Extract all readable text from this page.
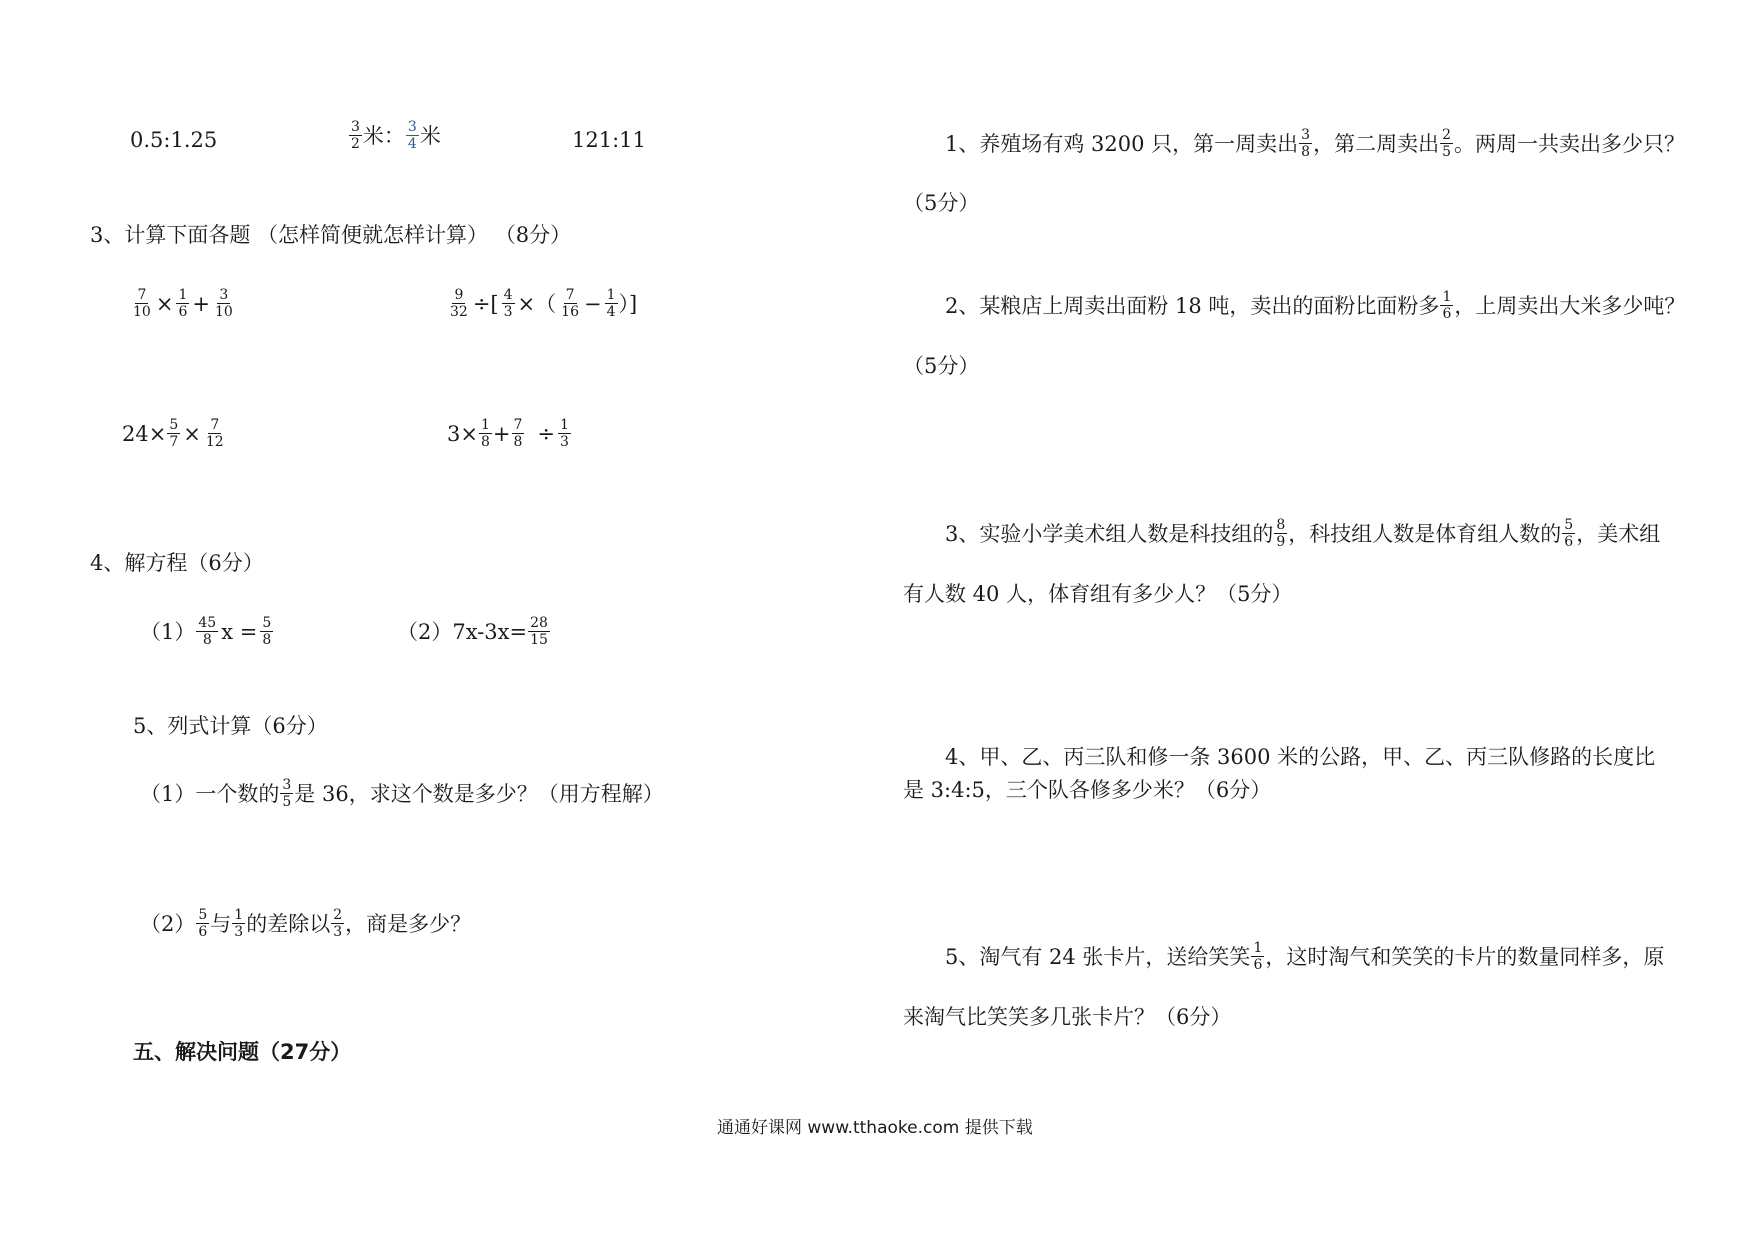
0.5:1.25	$\frac{3}{2}$ 米： $\frac{3}{4}$ 米	121:11
3、计算下面各题 （怎样简便就怎样计算） （8分）
$\frac{7}{10} \times \frac{1}{6} + \frac{3}{10}$	$\frac{9}{32}$ ÷[ $\frac{4}{3}$ ×（ $\frac{7}{16} - \frac{1}{4}$ ）]
$24\times \frac{5}{7} \times \frac{7}{12}$	$3\times \frac{1}{8} + \frac{7}{8} \div \frac{1}{3}$
4、解方程（6分）
$(1) \frac{45}{8}$ $x = \frac{5}{8}$	$(2)7x-3x= \frac{28}{15}$
5、列式计算（6分）
（1）一个数的 $\frac{3}{5}$ 是 36，求这个数是多少？（用方程解）
$(2) \frac{5}{6}$ 与 $\frac{1}{3}$ 的差除以 $\frac{2}{3}$ ，商是多少？
五、解决问题（27分）
1、养殖场有鸡 3200 只，第一周卖出 $\frac{3}{8}$ ，第二周卖出 $\frac{2}{5}$ 。两周一共卖出多少只？
（5分）
2、某粮店上周卖出面粉 18 吨，卖出的面粉比面粉多 $\frac{1}{6}$ ，上周卖出大米多少吨？
（5分）
3、实验小学美术组人数是科技组的 $\frac{8}{9}$ ，科技组人数是体育组人数的 $\frac{5}{6}$ ，美术组
有人数 40 人，体育组有多少人？（5分）
4、甲、乙、丙三队和修一条 3600 米的公路，甲、乙、丙三队修路的长度比
是 3:4:5，三个队各修多少米？（6分）
5、淘气有 24 张卡片，送给笑笑 $\frac{1}{6}$ ，这时淘气和笑笑的卡片的数量同样多，原
来淘气比笑笑多几张卡片？（6分）
通通好课网 www.tthaoke.com 提供下载
